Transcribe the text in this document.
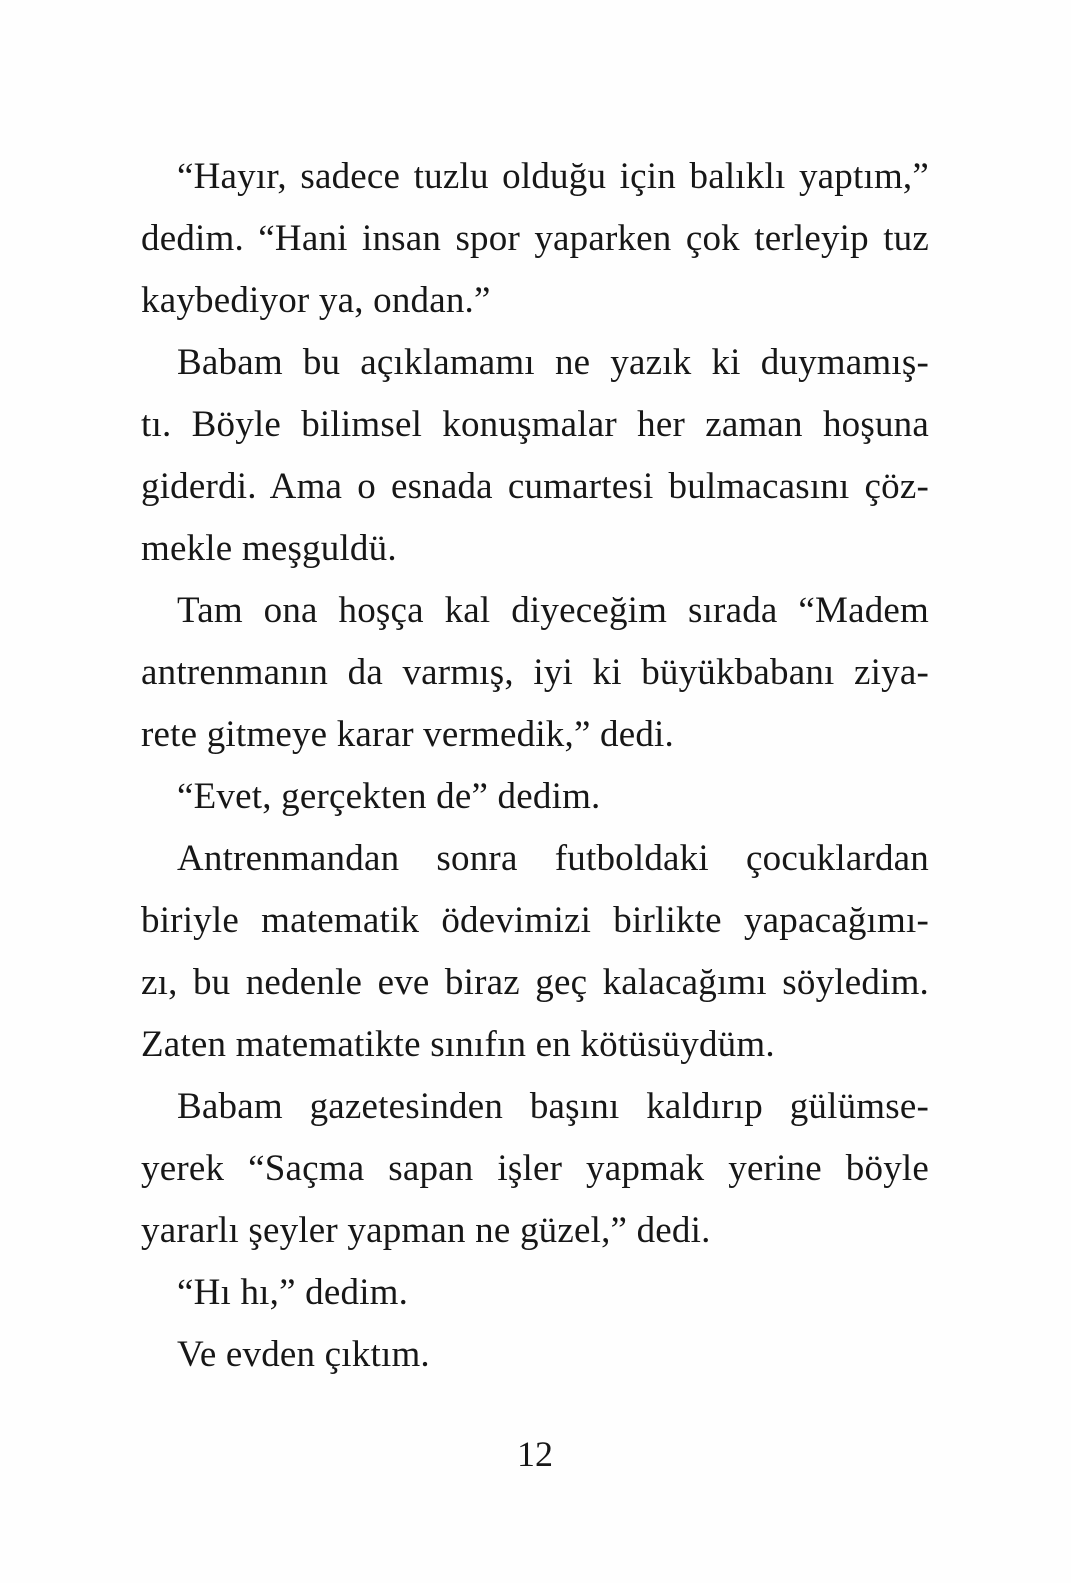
“Hayır, sadece tuzlu olduğu için balıklı yaptım,”
dedim. “Hani insan spor yaparken çok terleyip tuz
kaybediyor ya, ondan.”
Babam bu açıklamamı ne yazık ki duymamış-
tı. Böyle bilimsel konuşmalar her zaman hoşuna
giderdi. Ama o esnada cumartesi bulmacasını çöz-
mekle meşguldü.
Tam ona hoşça kal diyeceğim sırada “Madem
antrenmanın da varmış, iyi ki büyükbabanı ziya-
rete gitmeye karar vermedik,” dedi.
“Evet, gerçekten de” dedim.
Antrenmandan sonra futboldaki çocuklardan
biriyle matematik ödevimizi birlikte yapacağımı-
zı, bu nedenle eve biraz geç kalacağımı söyledim.
Zaten matematikte sınıfın en kötüsüydüm.
Babam gazetesinden başını kaldırıp gülümse-
yerek “Saçma sapan işler yapmak yerine böyle
yararlı şeyler yapman ne güzel,” dedi.
“Hı hı,” dedim.
Ve evden çıktım.
12
